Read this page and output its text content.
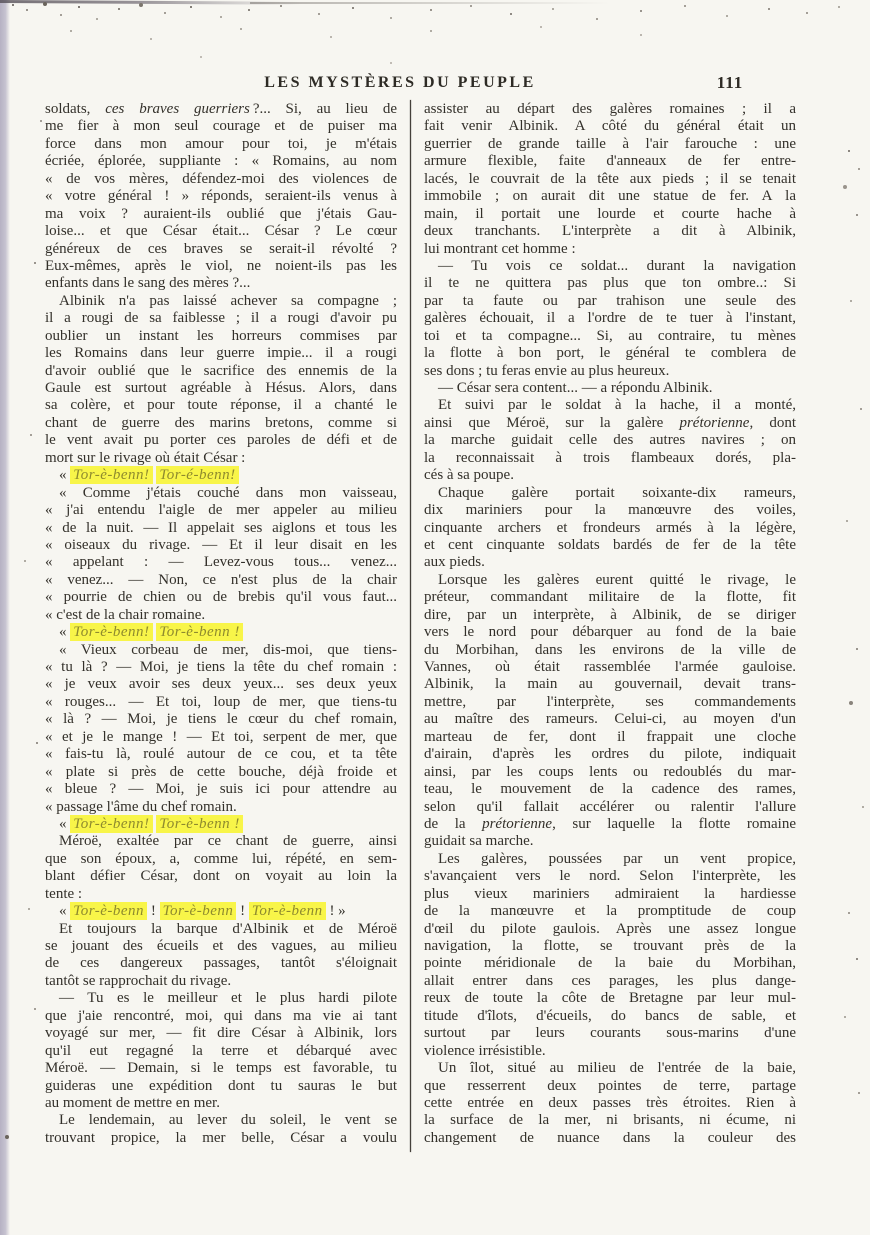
LES MYSTÈRES DU PEUPLE	111
soldats, ces braves guerriers ?... Si, au lieu de
me fier à mon seul courage et de puiser ma
force dans mon amour pour toi, je m'étais
écriée, éplorée, suppliante : « Romains, au nom
« de vos mères, défendez-moi des violences de
« votre général ! » réponds, seraient-ils venus à
ma voix ? auraient-ils oublié que j'étais Gau-
loise... et que César était... César ? Le cœur
généreux de ces braves se serait-il révolté ?
Eux-mêmes, après le viol, ne noient-ils pas les
enfants dans le sang des mères ?...
Albinik n'a pas laissé achever sa compagne ;
il a rougi de sa faiblesse ; il a rougi d'avoir pu
oublier un instant les horreurs commises par
les Romains dans leur guerre impie... il a rougi
d'avoir oublié que le sacrifice des ennemis de la
Gaule est surtout agréable à Hésus. Alors, dans
sa colère, et pour toute réponse, il a chanté le
chant de guerre des marins bretons, comme si
le vent avait pu porter ces paroles de défi et de
mort sur le rivage où était César :
« Tor-è-benn! Tor-é-benn!
« Comme j'étais couché dans mon vaisseau,
« j'ai entendu l'aigle de mer appeler au milieu
« de la nuit. — Il appelait ses aiglons et tous les
« oiseaux du rivage. — Et il leur disait en les
« appelant : — Levez-vous tous... venez...
« venez... — Non, ce n'est plus de la chair
« pourrie de chien ou de brebis qu'il vous faut...
« c'est de la chair romaine.
« Tor-è-benn! Tor-è-benn !
« Vieux corbeau de mer, dis-moi, que tiens-
« tu là ? — Moi, je tiens la tête du chef romain :
« je veux avoir ses deux yeux... ses deux yeux
« rouges... — Et toi, loup de mer, que tiens-tu
« là ? — Moi, je tiens le cœur du chef romain,
« et je le mange ! — Et toi, serpent de mer, que
« fais-tu là, roulé autour de ce cou, et ta tête
« plate si près de cette bouche, déjà froide et
« bleue ? — Moi, je suis ici pour attendre au
« passage l'âme du chef romain.
« Tor-è-benn! Tor-è-benn !
Méroë, exaltée par ce chant de guerre, ainsi
que son époux, a, comme lui, répété, en sem-
blant défier César, dont on voyait au loin la
tente :
« Tor-è-benn ! Tor-è-benn ! Tor-è-benn ! »
Et toujours la barque d'Albinik et de Méroë
se jouant des écueils et des vagues, au milieu
de ces dangereux passages, tantôt s'éloignait
tantôt se rapprochait du rivage.
— Tu es le meilleur et le plus hardi pilote
que j'aie rencontré, moi, qui dans ma vie ai tant
voyagé sur mer, — fit dire César à Albinik, lors
qu'il eut regagné la terre et débarqué avec
Méroë. — Demain, si le temps est favorable, tu
guideras une expédition dont tu sauras le but
au moment de mettre en mer.
Le lendemain, au lever du soleil, le vent se
trouvant propice, la mer belle, César a voulu
assister au départ des galères romaines ; il a
fait venir Albinik. A côté du général était un
guerrier de grande taille à l'air farouche : une
armure flexible, faite d'anneaux de fer entre-
lacés, le couvrait de la tête aux pieds ; il se tenait
immobile ; on aurait dit une statue de fer. A la
main, il portait une lourde et courte hache à
deux tranchants. L'interprète a dit à Albinik,
lui montrant cet homme :
— Tu vois ce soldat... durant la navigation
il te ne quittera pas plus que ton ombre..: Si
par ta faute ou par trahison une seule des
galères échouait, il a l'ordre de te tuer à l'instant,
toi et ta compagne... Si, au contraire, tu mènes
la flotte à bon port, le général te comblera de
ses dons ; tu feras envie au plus heureux.
— César sera content... — a répondu Albinik.
Et suivi par le soldat à la hache, il a monté,
ainsi que Méroë, sur la galère prétorienne, dont
la marche guidait celle des autres navires ; on
la reconnaissait à trois flambeaux dorés, pla-
cés à sa poupe.
Chaque galère portait soixante-dix rameurs,
dix mariniers pour la manœuvre des voiles,
cinquante archers et frondeurs armés à la légère,
et cent cinquante soldats bardés de fer de la tête
aux pieds.
Lorsque les galères eurent quitté le rivage, le
préteur, commandant militaire de la flotte, fit
dire, par un interprète, à Albinik, de se diriger
vers le nord pour débarquer au fond de la baie
du Morbihan, dans les environs de la ville de
Vannes, où était rassemblée l'armée gauloise.
Albinik, la main au gouvernail, devait trans-
mettre, par l'interprète, ses commandements
au maître des rameurs. Celui-ci, au moyen d'un
marteau de fer, dont il frappait une cloche
d'airain, d'après les ordres du pilote, indiquait
ainsi, par les coups lents ou redoublés du mar-
teau, le mouvement de la cadence des rames,
selon qu'il fallait accélérer ou ralentir l'allure
de la prétorienne, sur laquelle la flotte romaine
guidait sa marche.
Les galères, poussées par un vent propice,
s'avançaient vers le nord. Selon l'interprète, les
plus vieux mariniers admiraient la hardiesse
de la manœuvre et la promptitude de coup
d'œil du pilote gaulois. Après une assez longue
navigation, la flotte, se trouvant près de la
pointe méridionale de la baie du Morbihan,
allait entrer dans ces parages, les plus dange-
reux de toute la côte de Bretagne par leur mul-
titude d'îlots, d'écueils, do bancs de sable, et
surtout par leurs courants sous-marins d'une
violence irrésistible.
Un îlot, situé au milieu de l'entrée de la baie,
que resserrent deux pointes de terre, partage
cette entrée en deux passes très étroites. Rien à
la surface de la mer, ni brisants, ni écume, ni
changement de nuance dans la couleur des
